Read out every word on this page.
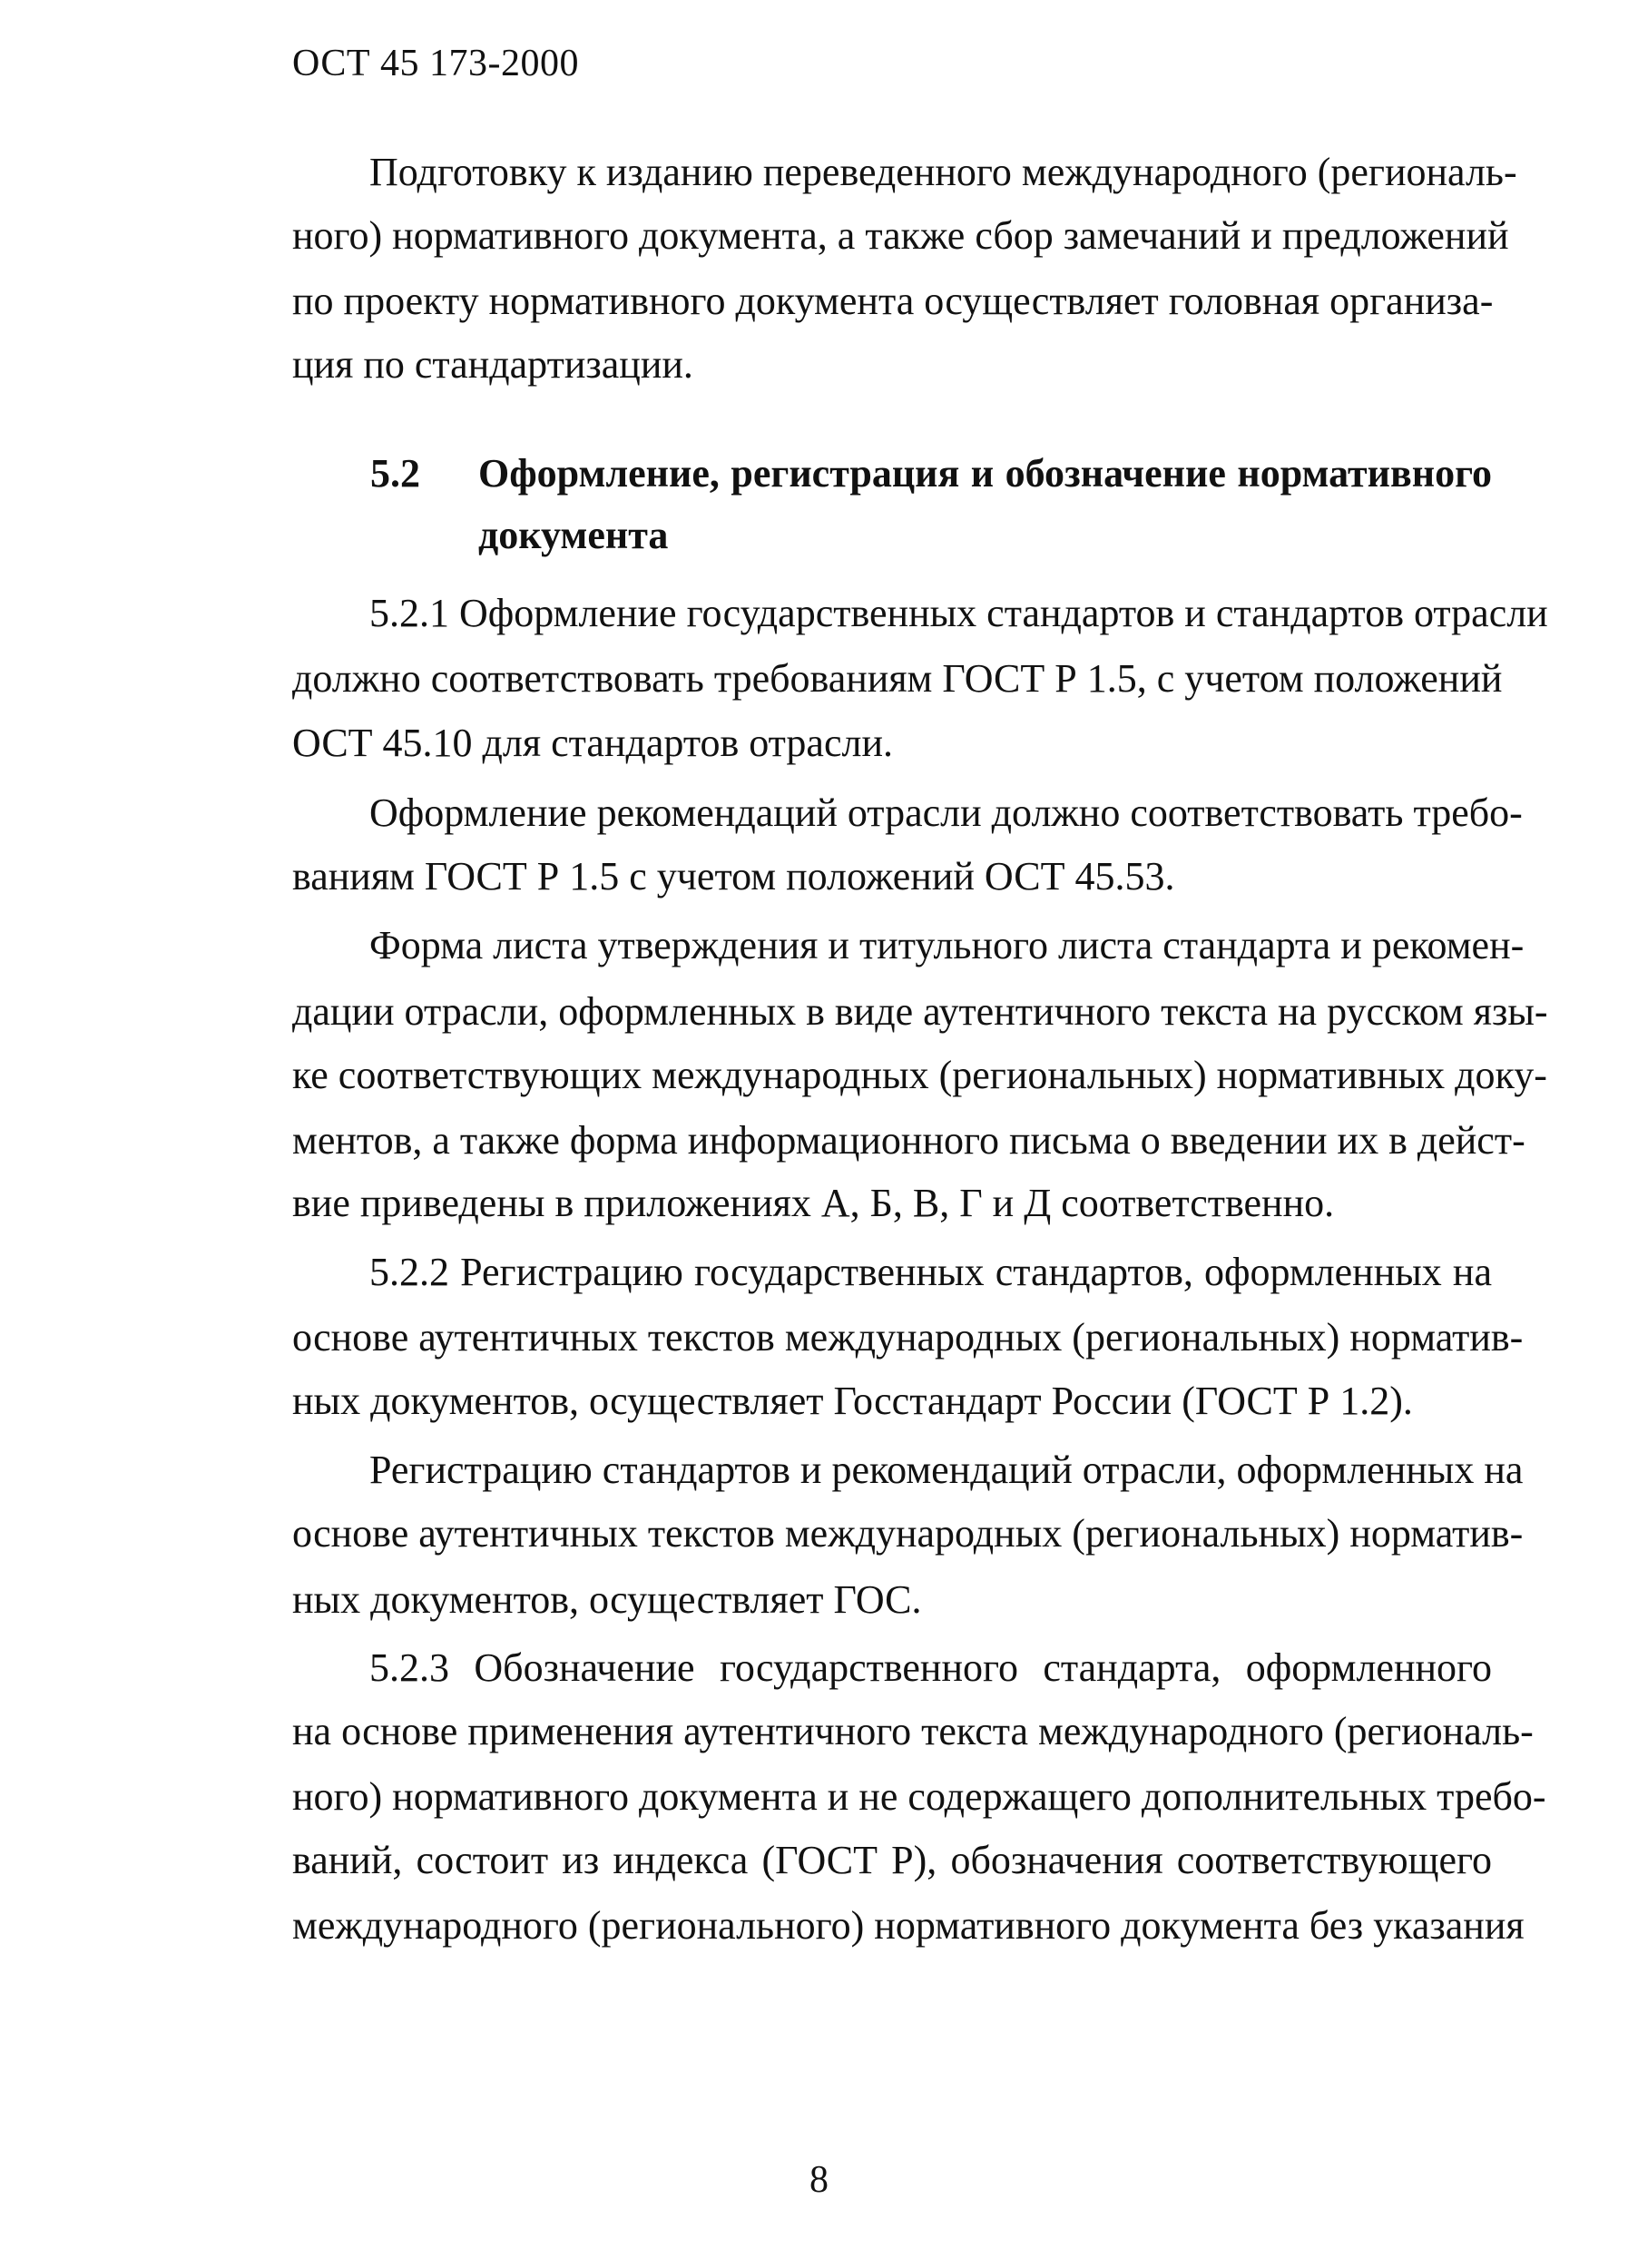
ОСТ 45 173-2000
Подготовку к изданию переведенного международного (региональ-
ного) нормативного документа, а также сбор замечаний и предложений
по проекту нормативного документа осуществляет головная организа-
ция по стандартизации.
5.2 Оформление, регистрация и обозначение нормативного
документа
5.2.1 Оформление государственных стандартов и стандартов отрасли
должно соответствовать требованиям ГОСТ Р 1.5, с учетом положений
ОСТ 45.10 для стандартов отрасли.
Оформление рекомендаций отрасли должно соответствовать требо-
ваниям ГОСТ Р 1.5 с учетом положений ОСТ 45.53.
Форма листа утверждения и титульного листа стандарта и рекомен-
дации отрасли, оформленных в виде аутентичного текста на русском язы-
ке соответствующих международных (региональных) нормативных доку-
ментов, а также форма информационного письма о введении их в дейст-
вие приведены в приложениях А, Б, В, Г и Д соответственно.
5.2.2 Регистрацию государственных стандартов, оформленных на
основе аутентичных текстов международных (региональных) норматив-
ных документов, осуществляет Госстандарт России (ГОСТ Р 1.2).
Регистрацию стандартов и рекомендаций отрасли, оформленных на
основе аутентичных текстов международных (региональных) норматив-
ных документов, осуществляет ГОС.
5.2.3 Обозначение государственного стандарта, оформленного
на основе применения аутентичного текста международного (региональ-
ного) нормативного документа и не содержащего дополнительных требо-
ваний, состоит из индекса (ГОСТ Р), обозначения соответствующего
международного (регионального) нормативного документа без указания
8
